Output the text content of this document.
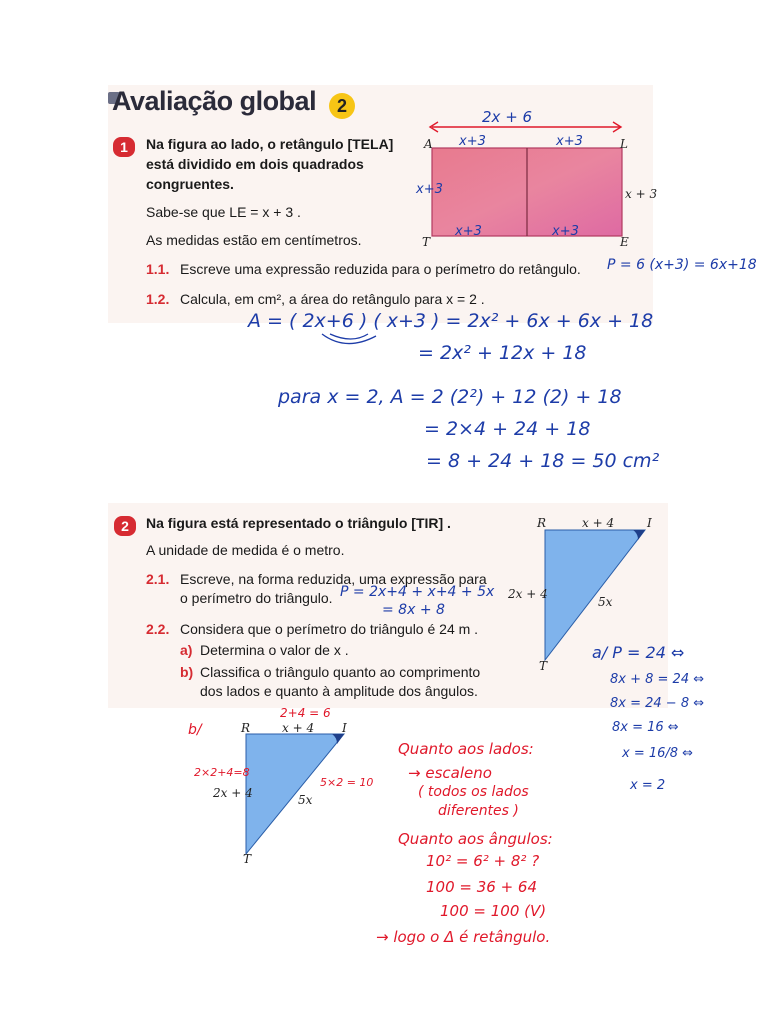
Avaliação global	2
1	Na figura ao lado, o retângulo [TELA]
está dividido em dois quadrados
congruentes.
Sabe-se que LE = x + 3 .
As medidas estão em centímetros.
1.1. Escreve uma expressão reduzida para o perímetro do retângulo.
1.2. Calcula, em cm², a área do retângulo para x = 2 .
A	L
T	E
x + 3
2x + 6
x+3	x+3
x+3
x+3	x+3
P = 6 (x+3) = 6x+18
A = ( 2x+6 ) ( x+3 ) = 2x² + 6x + 6x + 18
= 2x² + 12x + 18
para x = 2, A = 2 (2²) + 12 (2) + 18
= 2×4 + 24 + 18
= 8 + 24 + 18 = 50 cm²
2	Na figura está representado o triângulo [TIR] .
A unidade de medida é o metro.
2.1. Escreve, na forma reduzida, uma expressão para
o perímetro do triângulo.
2.2. Considera que o perímetro do triângulo é 24 m .
a) Determina o valor de x .
b) Classifica o triângulo quanto ao comprimento
dos lados e quanto à amplitude dos ângulos.
P = 2x+4 + x+4 + 5x
= 8x + 8
R	I
T
x + 4
2x + 4
5x
a/ P = 24 ⇔
8x + 8 = 24 ⇔
8x = 24 − 8 ⇔
8x = 16 ⇔
x = 16/8 ⇔
x = 2
b/	R	I
T
x + 4
2x + 4	5x
2+4 = 6
2×2+4=8
5×2 = 10
Quanto aos lados:
→ escaleno
( todos os lados
diferentes )
Quanto aos ângulos:
10² = 6² + 8² ?
100 = 36 + 64
100 = 100 (V)
→ logo o Δ é retângulo.
